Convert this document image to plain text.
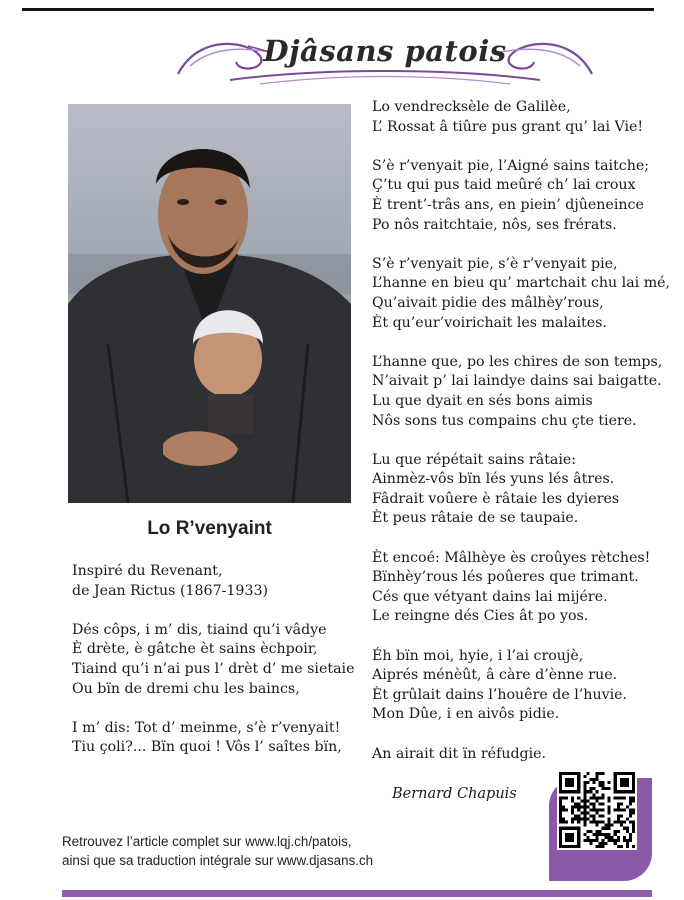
Djâsans patois
Lo R’venyaint
Inspiré du Revenant,
de Jean Rictus (1867-1933)
Dés côps, i m’ dis, tiaind qu’i vâdye
È drète, è gâtche èt sains èchpoir,
Tiaind qu’i n’ai pus l’ drèt d’ me sietaie
Ou bïn de dremi chu les baincs,
I m’ dis: Tot d’ meinme, s’è r’venyait!
Tiu çoli?... Bïn quoi ! Vôs l’ saîtes bïn,
Lo vendrecksèle de Galilèe,
L’ Rossat â tiûre pus grant qu’ lai Vie!
S’è r’venyait pie, l’Aigné sains taitche;
Ç’tu qui pus taid meûré ch’ lai croux
È trent’-trâs ans, en piein’ djûeneince
Po nôs raitchtaie, nôs, ses frérats.
S’è r’venyait pie, s’è r’venyait pie,
L’hanne en bieu qu’ martchait chu lai mé,
Qu’aivait pidie des mâlhèy’rous,
Èt qu’eur’voirichait les malaites.
L’hanne que, po les chires de son temps,
N’aivait p’ lai laindye dains sai baigatte.
Lu que dyait en sés bons aimis
Nôs sons tus compains chu çte tiere.
Lu que répétait sains râtaie:
Ainmèz-vôs bïn lés yuns lés âtres.
Fâdrait voûere è râtaie les dyieres
Èt peus râtaie de se taupaie.
Èt encoé: Mâlhèye ès croûyes rètches!
Bïnhèy’rous lés poûeres que trimant.
Cés que vétyant dains lai mijére.
Le reingne dés Cies ât po yos.
Éh bïn moi, hyie, i l’ai croujè,
Aiprés ménèût, â càre d’ènne rue.
Èt grûlait dains l’houêre de l’huvie.
Mon Dûe, i en aivôs pidie.
An airait dit ïn réfudgie.
Bernard Chapuis
Retrouvez l’article complet sur www.lqj.ch/patois,
ainsi que sa traduction intégrale sur www.djasans.ch
